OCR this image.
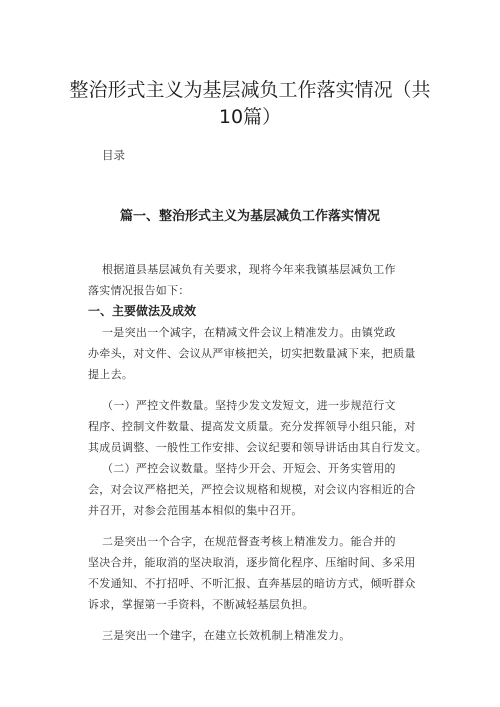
整治形式主义为基层减负工作落实情况（共
10篇）

目录

篇一、整治形式主义为基层减负工作落实情况
根据道县基层减负有关要求，现将今年来我镇基层减负工作
落实情况报告如下：
一、主要做法及成效
一是突出一个减字，在精减文件会议上精准发力。由镇党政
办牵头，对文件、会议从严审核把关，切实把数量减下来，把质量
提上去。
（一）严控文件数量。坚持少发文发短文，进一步规范行文
程序、控制文件数量、提高发文质量。充分发挥领导小组只能，对
其成员调整、一般性工作安排、会议纪要和领导讲话由其自行发文。
（二）严控会议数量。坚持少开会、开短会、开务实管用的
会，对会议严格把关，严控会议规格和规模，对会议内容相近的合
并召开，对参会范围基本相似的集中召开。
二是突出一个合字，在规范督查考核上精准发力。能合并的
坚决合并，能取消的坚决取消，逐步简化程序、压缩时间、多采用
不发通知、不打招呼、不听汇报、直奔基层的暗访方式，倾听群众
诉求，掌握第一手资料，不断减轻基层负担。
三是突出一个建字，在建立长效机制上精准发力。
